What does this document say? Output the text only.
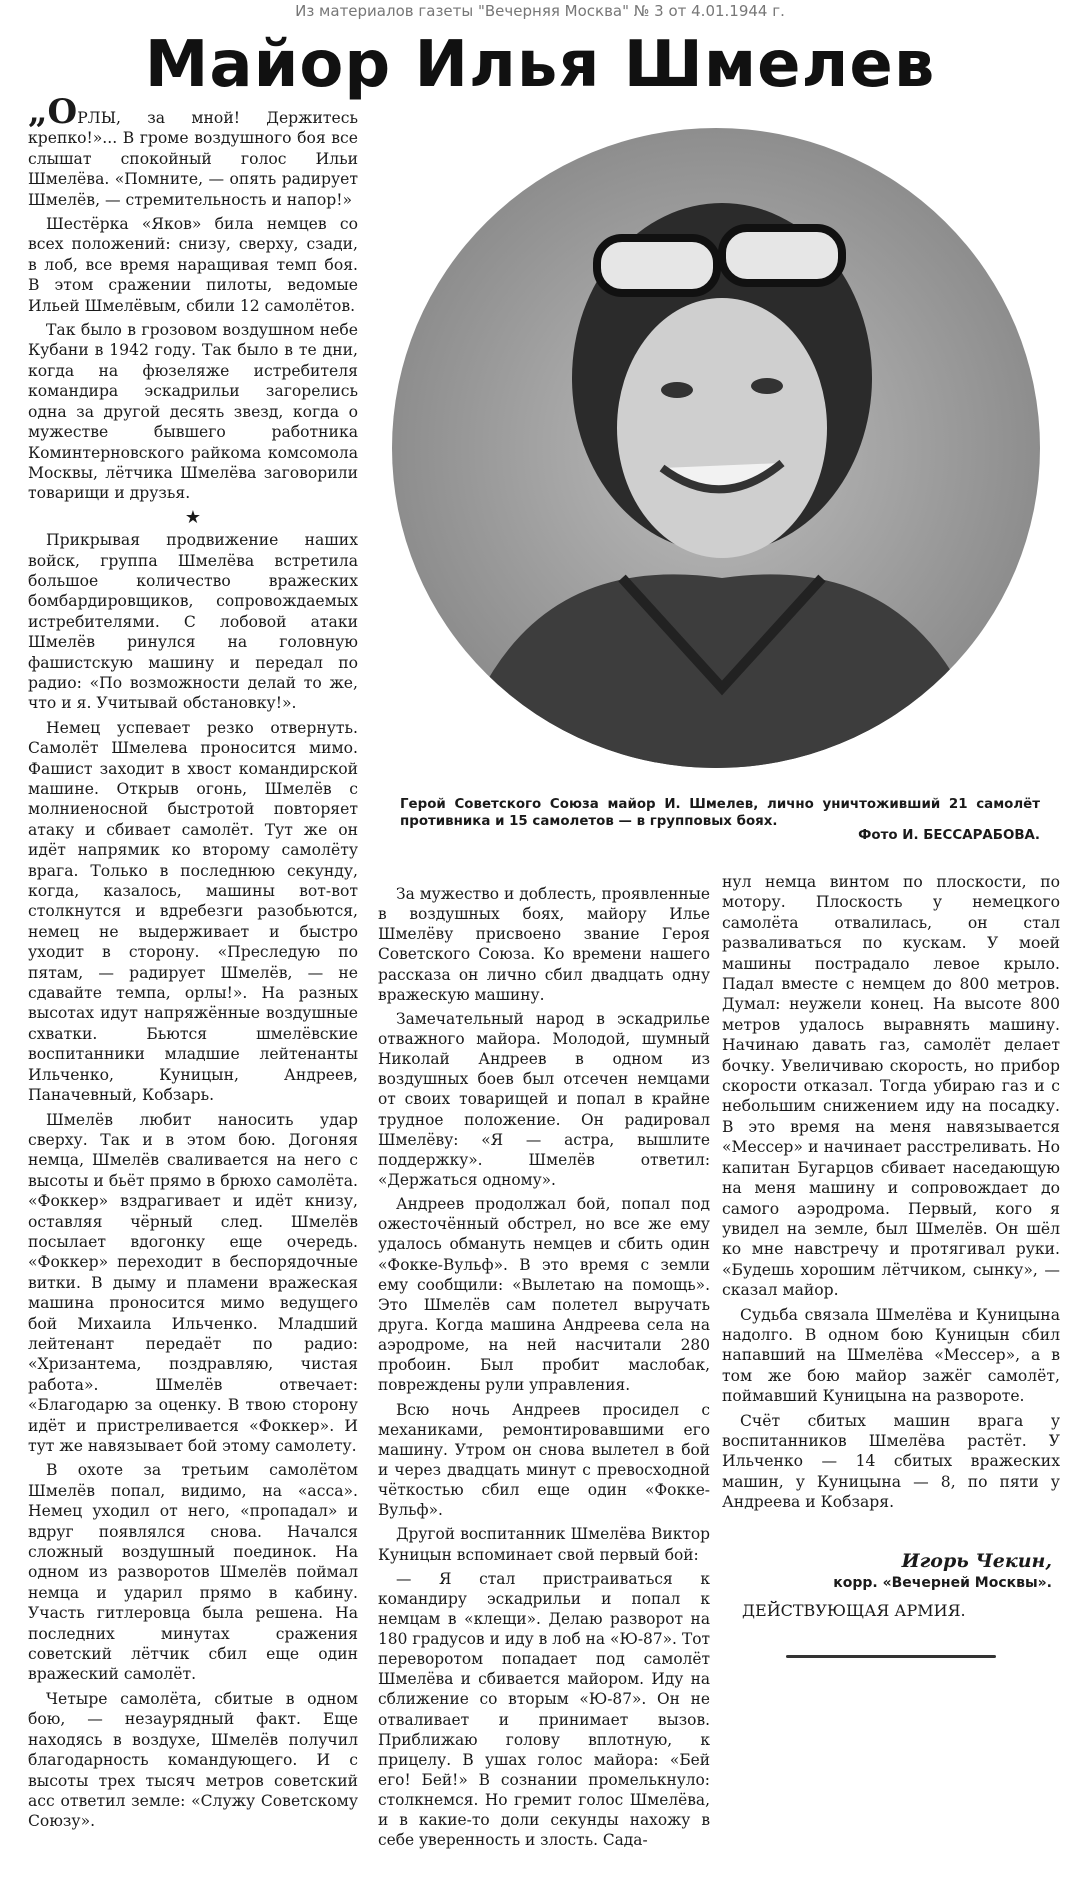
Из материалов газеты "Вечерняя Москва" № 3 от 4.01.1944 г.
Майор Илья Шмелев

„ОРЛЫ, за мной! Держитесь крепко!»... В громе воздушного боя все слышат спокойный голос Ильи Шмелёва. «Помните, — опять радирует Шмелёв, — стремительность и напор!»

Шестёрка «Яков» била немцев со всех положений: снизу, сверху, сзади, в лоб, все время наращивая темп боя. В этом сражении пилоты, ведомые Ильей Шмелёвым, сбили 12 самолётов.

Так было в грозовом воздушном небе Кубани в 1942 году. Так было в те дни, когда на фюзеляже истребителя командира эскадрильи загорелись одна за другой десять звезд, когда о мужестве бывшего работника Коминтерновского райкома комсомола Москвы, лётчика Шмелёва заговорили товарищи и друзья.

★

Прикрывая продвижение наших войск, группа Шмелёва встретила большое количество вражеских бомбардировщиков, сопровождаемых истребителями. С лобовой атаки Шмелёв ринулся на головную фашистскую машину и передал по радио: «По возможности делай то же, что и я. Учитывай обстановку!».

Немец успевает резко отвернуть. Самолёт Шмелева проносится мимо. Фашист заходит в хвост командирской машине. Открыв огонь, Шмелёв с молниеносной быстротой повторяет атаку и сбивает самолёт. Тут же он идёт напрямик ко второму самолёту врага. Только в последнюю секунду, когда, казалось, машины вот-вот столкнутся и вдребезги разобьются, немец не выдерживает и быстро уходит в сторону. «Преследую по пятам, — радирует Шмелёв, — не сдавайте темпа, орлы!». На разных высотах идут напряжённые воздушные схватки. Бьются шмелёвские воспитанники младшие лейтенанты Ильченко, Куницын, Андреев, Паначевный, Кобзарь.

Шмелёв любит наносить удар сверху. Так и в этом бою. Догоняя немца, Шмелёв сваливается на него с высоты и бьёт прямо в брюхо самолёта. «Фоккер» вздрагивает и идёт книзу, оставляя чёрный след. Шмелёв посылает вдогонку еще очередь. «Фоккер» переходит в беспорядочные витки. В дыму и пламени вражеская машина проносится мимо ведущего бой Михаила Ильченко. Младший лейтенант передаёт по радио: «Хризантема, поздравляю, чистая работа». Шмелёв отвечает: «Благодарю за оценку. В твою сторону идёт и пристреливается «Фоккер». И тут же навязывает бой этому самолету.

В охоте за третьим самолётом Шмелёв попал, видимо, на «асса». Немец уходил от него, «пропадал» и вдруг появлялся снова. Начался сложный воздушный поединок. На одном из разворотов Шмелёв поймал немца и ударил прямо в кабину. Участь гитлеровца была решена. На последних минутах сражения советский лётчик сбил еще один вражеский самолёт.

Четыре самолёта, сбитые в одном бою, — незаурядный факт. Еще находясь в воздухе, Шмелёв получил благодарность командующего. И с высоты трех тысяч метров советский асс ответил земле: «Служу Советскому Союзу».

Герой Советского Союза майор И. Шмелев, лично уничтоживший 21 самолёт противника и 15 самолетов — в групповых боях.
Фото И. БЕССАРАБОВА.

За мужество и доблесть, проявленные в воздушных боях, майору Илье Шмелёву присвоено звание Героя Советского Союза. Ко времени нашего рассказа он лично сбил двадцать одну вражескую машину.

Замечательный народ в эскадрилье отважного майора. Молодой, шумный Николай Андреев в одном из воздушных боев был отсечен немцами от своих товарищей и попал в крайне трудное положение. Он радировал Шмелёву: «Я — астра, вышлите поддержку». Шмелёв ответил: «Держаться одному».

Андреев продолжал бой, попал под ожесточённый обстрел, но все же ему удалось обмануть немцев и сбить один «Фокке-Вульф». В это время с земли ему сообщили: «Вылетаю на помощь». Это Шмелёв сам полетел выручать друга. Когда машина Андреева села на аэродроме, на ней насчитали 280 пробоин. Был пробит маслобак, повреждены рули управления.

Всю ночь Андреев просидел с механиками, ремонтировавшими его машину. Утром он снова вылетел в бой и через двадцать минут с превосходной чёткостью сбил еще один «Фокке-Вульф».

Другой воспитанник Шмелёва Виктор Куницын вспоминает свой первый бой:

— Я стал пристраиваться к командиру эскадрильи и попал к немцам в «клещи». Делаю разворот на 180 градусов и иду в лоб на «Ю-87». Тот переворотом попадает под самолёт Шмелёва и сбивается майором. Иду на сближение со вторым «Ю-87». Он не отваливает и принимает вызов. Приближаю голову вплотную, к прицелу. В ушах голос майора: «Бей его! Бей!» В сознании промелькнуло: столкнемся. Но гремит голос Шмелёва, и в какие-то доли секунды нахожу в себе уверенность и злость. Сада-

нул немца винтом по плоскости, по мотору. Плоскость у немецкого самолёта отвалилась, он стал разваливаться по кускам. У моей машины пострадало левое крыло. Падал вместе с немцем до 800 метров. Думал: неужели конец. На высоте 800 метров удалось выравнять машину. Начинаю давать газ, самолёт делает бочку. Увеличиваю скорость, но прибор скорости отказал. Тогда убираю газ и с небольшим снижением иду на посадку. В это время на меня навязывается «Мессер» и начинает расстреливать. Но капитан Бугарцов сбивает наседающую на меня машину и сопровождает до самого аэродрома. Первый, кого я увидел на земле, был Шмелёв. Он шёл ко мне навстречу и протягивал руки. «Будешь хорошим лётчиком, сынку», — сказал майор.

Судьба связала Шмелёва и Куницына надолго. В одном бою Куницын сбил напавший на Шмелёва «Мессер», а в том же бою майор зажёг самолёт, поймавший Куницына на развороте.

Счёт сбитых машин врага у воспитанников Шмелёва растёт. У Ильченко — 14 сбитых вражеских машин, у Куницына — 8, по пяти у Андреева и Кобзаря.

Игорь Чекин,
корр. «Вечерней Москвы».
ДЕЙСТВУЮЩАЯ АРМИЯ.
